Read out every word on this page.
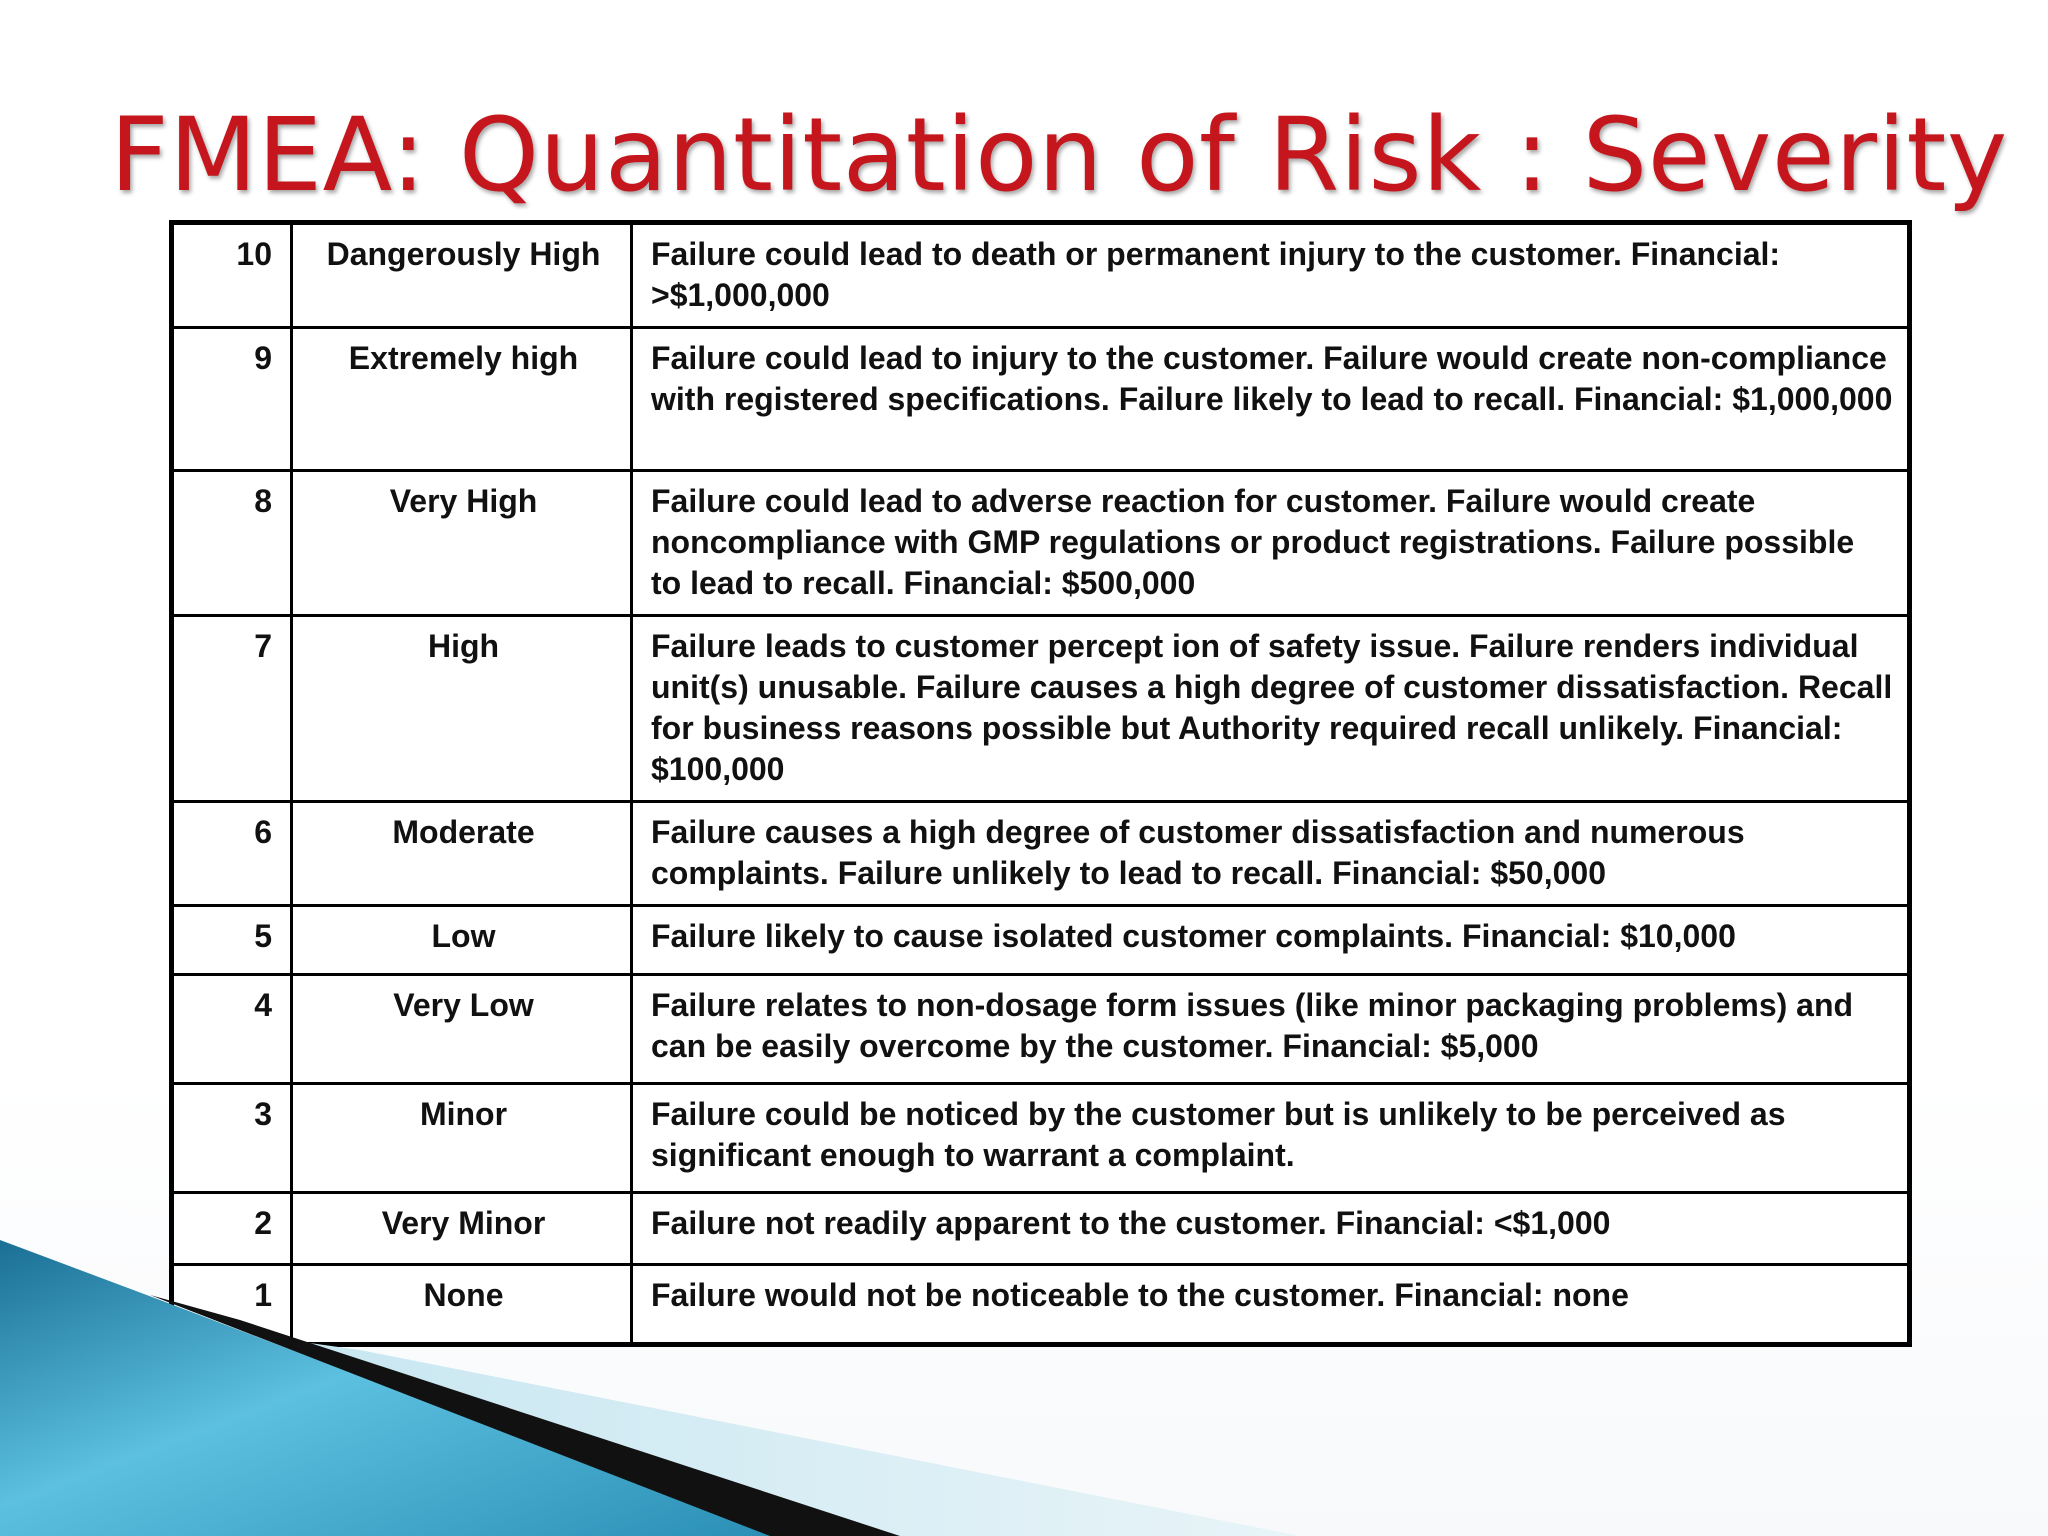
FMEA: Quantitation of Risk : Severity
10	Dangerously High	Failure could lead to death or permanent injury to the customer. Financial: >$1,000,000
9	Extremely high	Failure could lead to injury to the customer. Failure would create non-compliance with registered specifications. Failure likely to lead to recall. Financial: $1,000,000
8	Very High	Failure could lead to adverse reaction for customer. Failure would create noncompliance with GMP regulations or product registrations. Failure possible to lead to recall. Financial: $500,000
7	High	Failure leads to customer percept ion of safety issue. Failure renders individual unit(s) unusable. Failure causes a high degree of customer dissatisfaction. Recall for business reasons possible but Authority required recall unlikely. Financial: $100,000
6	Moderate	Failure causes a high degree of customer dissatisfaction and numerous complaints. Failure unlikely to lead to recall. Financial: $50,000
5	Low	Failure likely to cause isolated customer complaints. Financial: $10,000
4	Very Low	Failure relates to non-dosage form issues (like minor packaging problems) and can be easily overcome by the customer. Financial: $5,000
3	Minor	Failure could be noticed by the customer but is unlikely to be perceived as significant enough to warrant a complaint.
2	Very Minor	Failure not readily apparent to the customer. Financial: <$1,000
1	None	Failure would not be noticeable to the customer. Financial: none
